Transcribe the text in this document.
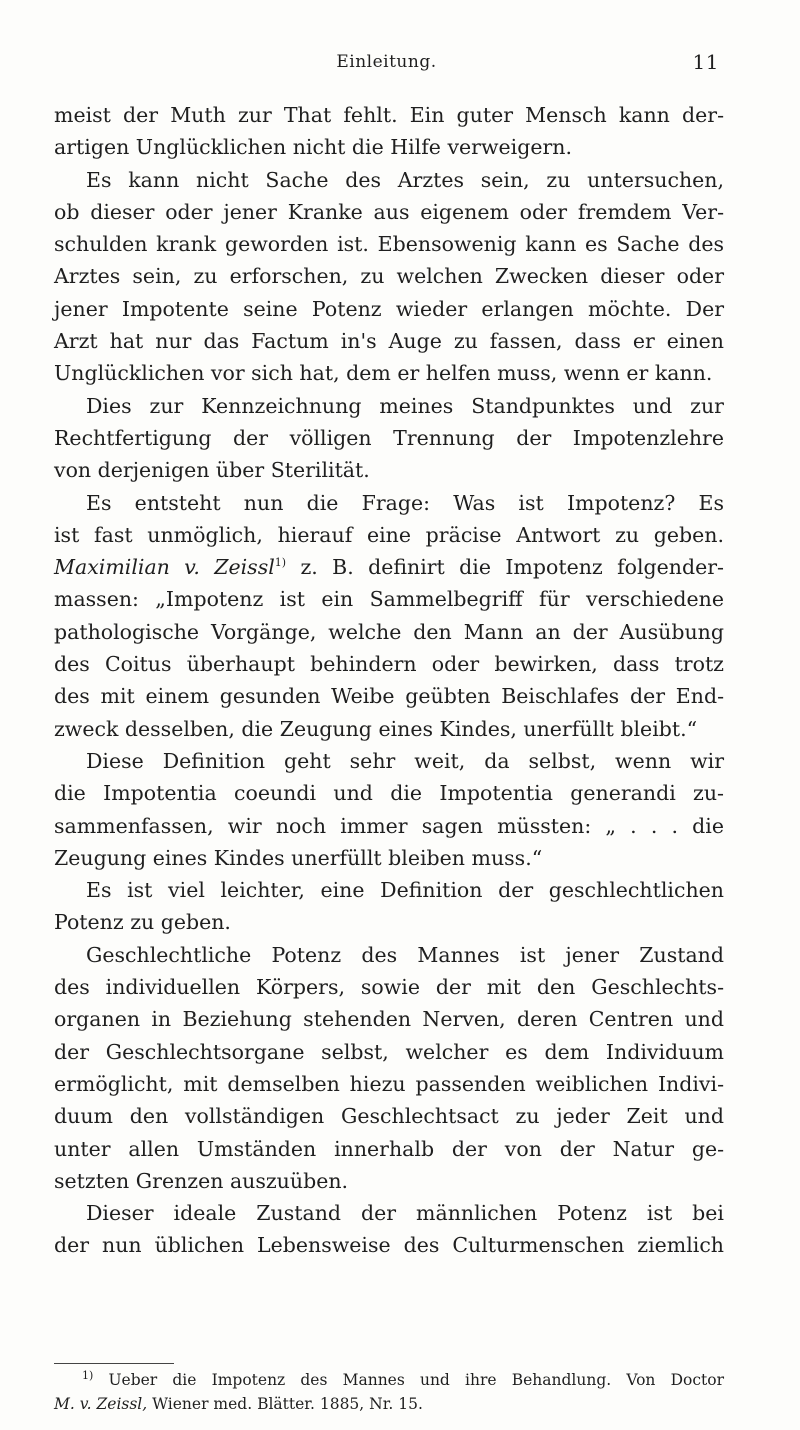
Einleitung.	11
meist der Muth zur That fehlt. Ein guter Mensch kann der-
artigen Unglücklichen nicht die Hilfe verweigern.
Es kann nicht Sache des Arztes sein, zu untersuchen,
ob dieser oder jener Kranke aus eigenem oder fremdem Ver-
schulden krank geworden ist. Ebensowenig kann es Sache des
Arztes sein, zu erforschen, zu welchen Zwecken dieser oder
jener Impotente seine Potenz wieder erlangen möchte. Der
Arzt hat nur das Factum in's Auge zu fassen, dass er einen
Unglücklichen vor sich hat, dem er helfen muss, wenn er kann.
Dies zur Kennzeichnung meines Standpunktes und zur
Rechtfertigung der völligen Trennung der Impotenzlehre
von derjenigen über Sterilität.
Es entsteht nun die Frage: Was ist Impotenz? Es
ist fast unmöglich, hierauf eine präcise Antwort zu geben.
Maximilian v. Zeissl$^{1)}$ z. B. definirt die Impotenz folgender-
massen: „Impotenz ist ein Sammelbegriff für verschiedene
pathologische Vorgänge, welche den Mann an der Ausübung
des Coitus überhaupt behindern oder bewirken, dass trotz
des mit einem gesunden Weibe geübten Beischlafes der End-
zweck desselben, die Zeugung eines Kindes, unerfüllt bleibt.“
Diese Definition geht sehr weit, da selbst, wenn wir
die Impotentia coeundi und die Impotentia generandi zu-
sammenfassen, wir noch immer sagen müssten: „ . . . die
Zeugung eines Kindes unerfüllt bleiben muss.“
Es ist viel leichter, eine Definition der geschlechtlichen
Potenz zu geben.
Geschlechtliche Potenz des Mannes ist jener Zustand
des individuellen Körpers, sowie der mit den Geschlechts-
organen in Beziehung stehenden Nerven, deren Centren und
der Geschlechtsorgane selbst, welcher es dem Individuum
ermöglicht, mit demselben hiezu passenden weiblichen Indivi-
duum den vollständigen Geschlechtsact zu jeder Zeit und
unter allen Umständen innerhalb der von der Natur ge-
setzten Grenzen auszuüben.
Dieser ideale Zustand der männlichen Potenz ist bei
der nun üblichen Lebensweise des Culturmenschen ziemlich
$^{1)}$ Ueber die Impotenz des Mannes und ihre Behandlung. Von Doctor
M. v. Zeissl, Wiener med. Blätter. 1885, Nr. 15.
